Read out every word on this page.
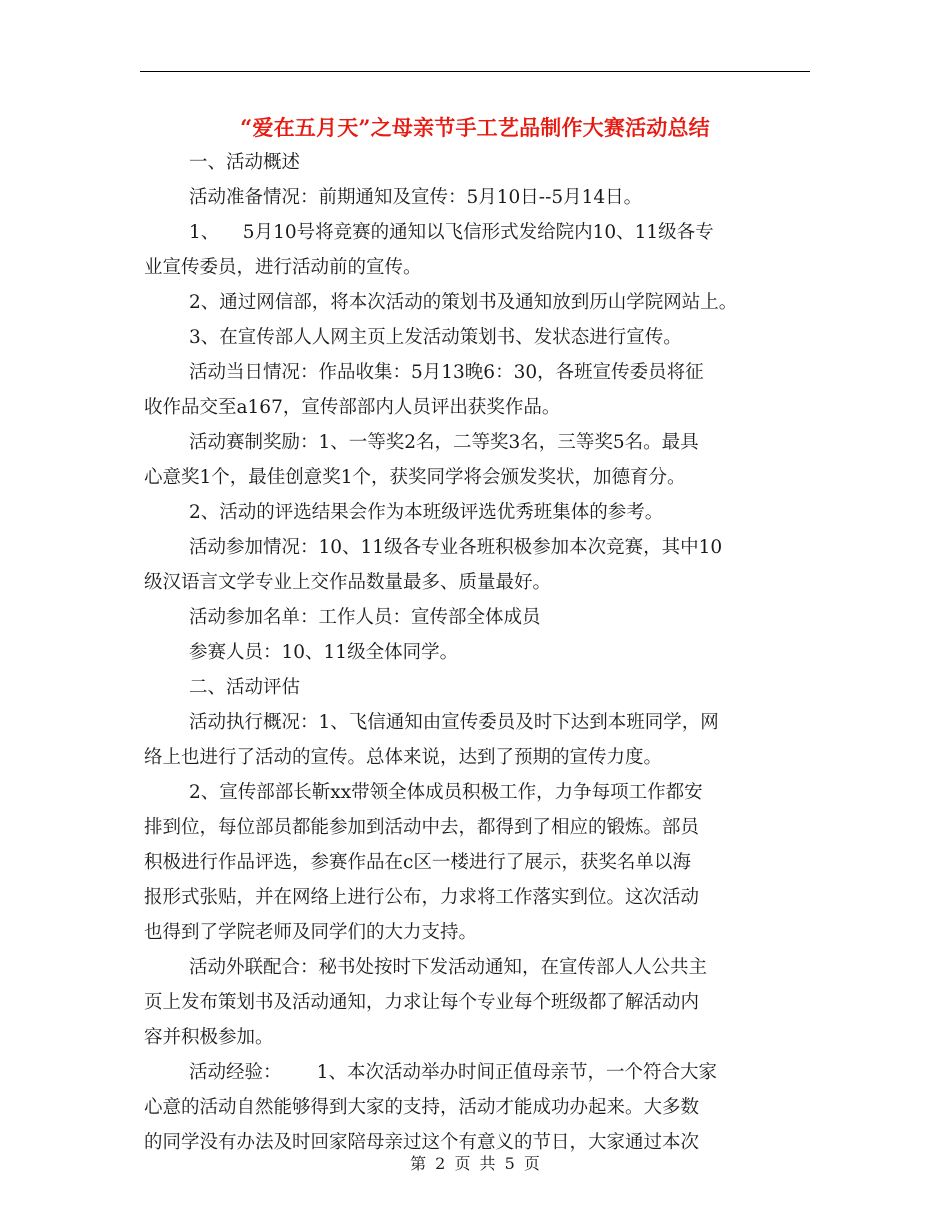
“爱在五月天”之母亲节手工艺品制作大赛活动总结

一、活动概述

活动准备情况：前期通知及宣传：5月10日--5月14日。

1、    5月10号将竞赛的通知以飞信形式发给院内10、11级各专

业宣传委员，进行活动前的宣传。

2、通过网信部，将本次活动的策划书及通知放到历山学院网站上。

3、在宣传部人人网主页上发活动策划书、发状态进行宣传。

活动当日情况：作品收集：5月13晚6：30，各班宣传委员将征

收作品交至a167，宣传部部内人员评出获奖作品。

活动赛制奖励：1、一等奖2名，二等奖3名，三等奖5名。最具

心意奖1个，最佳创意奖1个，获奖同学将会颁发奖状，加德育分。

2、活动的评选结果会作为本班级评选优秀班集体的参考。

活动参加情况：10、11级各专业各班积极参加本次竞赛，其中10

级汉语言文学专业上交作品数量最多、质量最好。

活动参加名单：工作人员：宣传部全体成员

参赛人员：10、11级全体同学。

二、活动评估

活动执行概况：1、飞信通知由宣传委员及时下达到本班同学，网

络上也进行了活动的宣传。总体来说，达到了预期的宣传力度。

2、宣传部部长靳xx带领全体成员积极工作，力争每项工作都安

排到位，每位部员都能参加到活动中去，都得到了相应的锻炼。部员

积极进行作品评选，参赛作品在c区一楼进行了展示，获奖名单以海

报形式张贴，并在网络上进行公布，力求将工作落实到位。这次活动

也得到了学院老师及同学们的大力支持。

活动外联配合：秘书处按时下发活动通知，在宣传部人人公共主

页上发布策划书及活动通知，力求让每个专业每个班级都了解活动内

容并积极参加。

活动经验：      1、本次活动举办时间正值母亲节，一个符合大家

心意的活动自然能够得到大家的支持，活动才能成功办起来。大多数

的同学没有办法及时回家陪母亲过这个有意义的节日，大家通过本次

第 2 页 共 5 页
